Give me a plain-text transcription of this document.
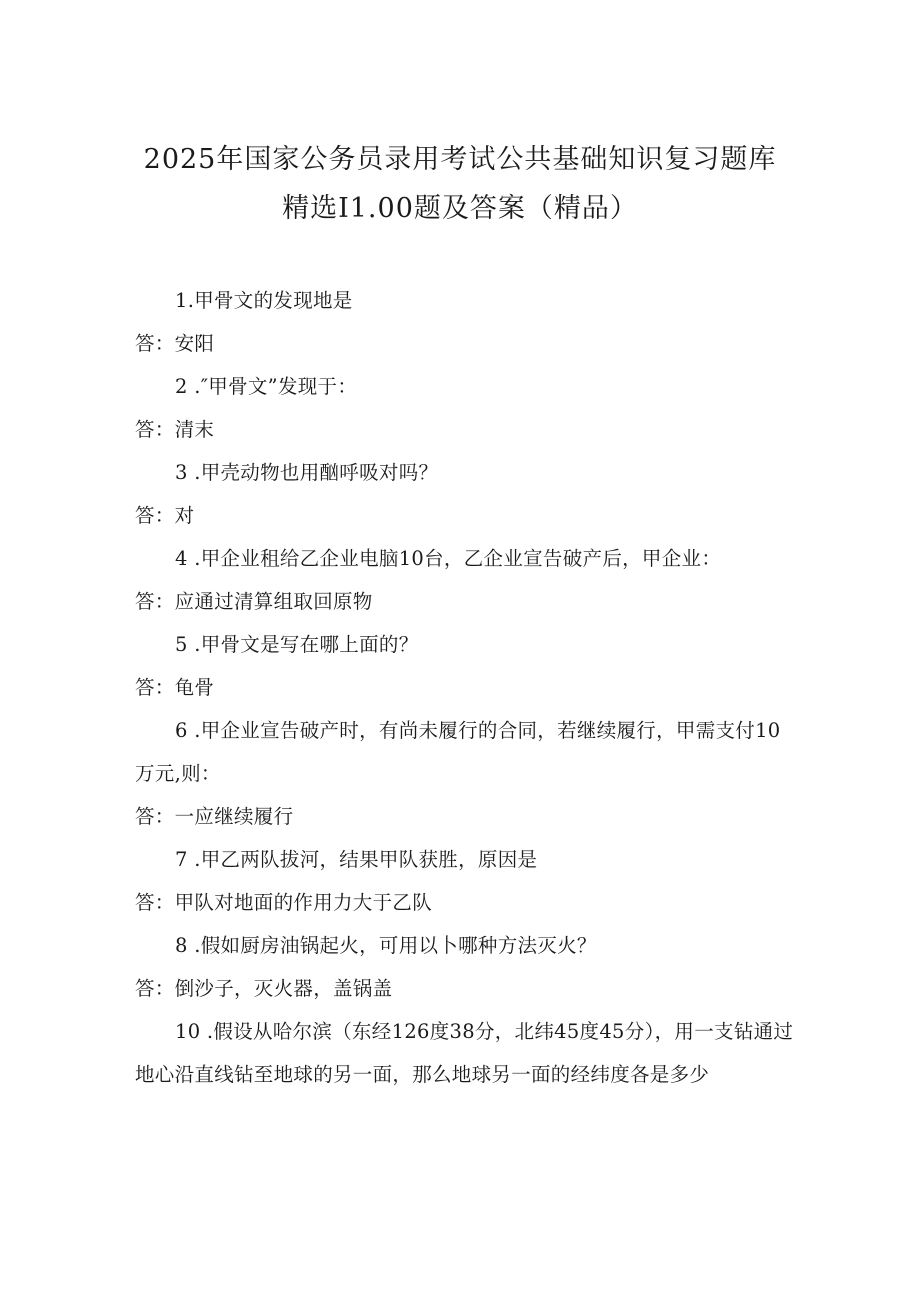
2025年国家公务员录用考试公共基础知识复习题库
精选I1.00题及答案（精品）
1.甲骨文的发现地是
答：安阳
2 .″甲骨文”发现于：
答：清末
3 .甲壳动物也用酗呼吸对吗？
答：对
4 .甲企业租给乙企业电脑10台，乙企业宣告破产后，甲企业：
答：应通过清算组取回原物
5 .甲骨文是写在哪上面的？
答：龟骨
6 .甲企业宣告破产时，有尚未履行的合同，若继续履行，甲需支付10万元,则：
答：一应继续履行
7 .甲乙两队拔河，结果甲队获胜，原因是
答：甲队对地面的作用力大于乙队
8 .假如厨房油锅起火，可用以卜哪种方法灭火？
答：倒沙子，灭火器，盖锅盖
10 .假设从哈尔滨（东经126度38分，北纬45度45分），用一支钻通过地心沿直线钻至地球的另一面，那么地球另一面的经纬度各是多少
